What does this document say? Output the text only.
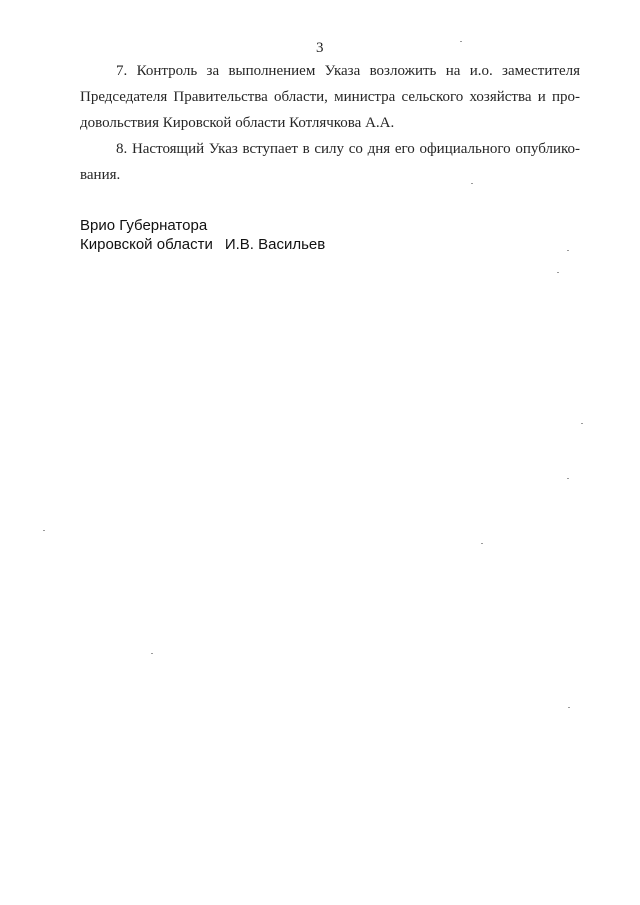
3
7. Контроль за выполнением Указа возложить на и.о. заместителя
Председателя Правительства области, министра сельского хозяйства и про-
довольствия Кировской области Котлячкова А.А.
8. Настоящий Указ вступает в силу со дня его официального опублико-
вания.
Врио Губернатора
Кировской области И.В. Васильев
